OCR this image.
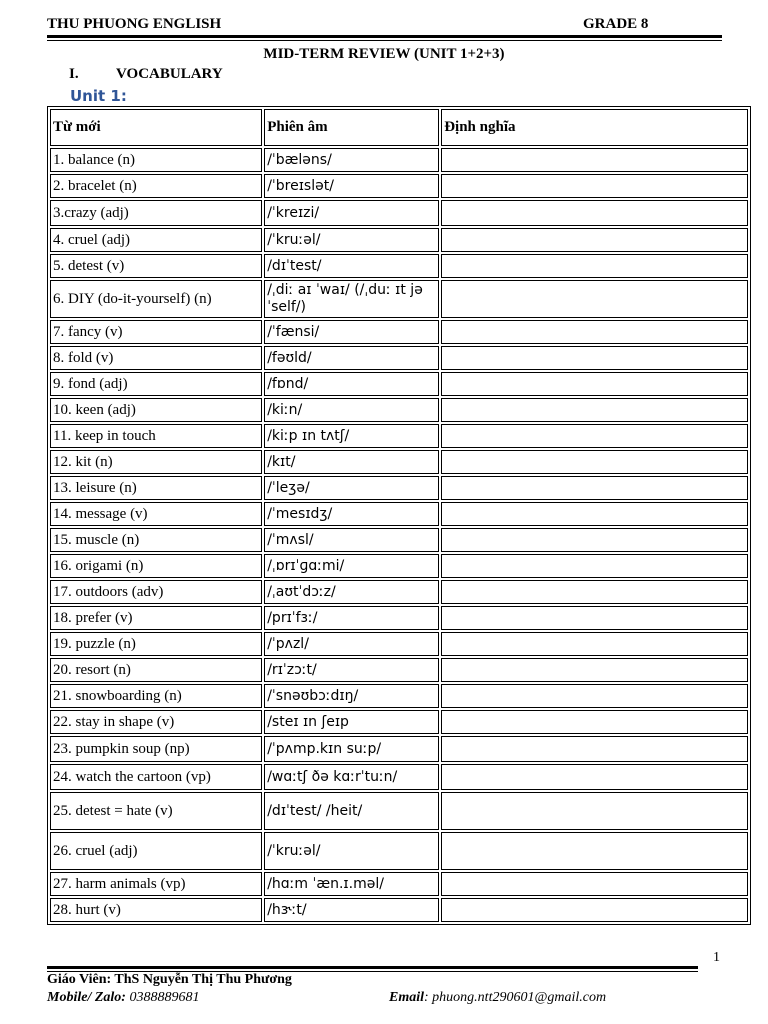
THU PHUONG ENGLISH	GRADE 8
MID-TERM REVIEW (UNIT 1+2+3)
I. VOCABULARY
Unit 1:
Từ mới	Phiên âm	Định nghĩa
1. balance (n)	/ˈbæləns/	
2. bracelet (n)	/ˈbreɪslət/	
3.crazy (adj)	/ˈkreɪzi/	
4. cruel (adj)	/ˈkruːəl/	
5. detest (v)	/dɪˈtest/	
6. DIY (do-it-yourself) (n)	/ˌdiː aɪ ˈwaɪ/ (/ˌduː ɪt jə ˈself/)	
7. fancy (v)	/ˈfænsi/	
8. fold (v)	/fəʊld/	
9. fond (adj)	/fɒnd/	
10. keen (adj)	/kiːn/	
11. keep in touch	/kiːp ɪn tʌtʃ/	
12. kit (n)	/kɪt/	
13. leisure (n)	/ˈleʒə/	
14. message (v)	/ˈmesɪdʒ/	
15. muscle (n)	/ˈmʌsl/	
16. origami (n)	/ˌɒrɪˈɡɑːmi/	
17. outdoors (adv)	/ˌaʊtˈdɔːz/	
18. prefer (v)	/prɪˈfɜː/	
19. puzzle (n)	/ˈpʌzl/	
20. resort (n)	/rɪˈzɔːt/	
21. snowboarding (n)	/ˈsnəʊbɔːdɪŋ/	
22. stay in shape (v)	/steɪ ɪn ʃeɪp	
23. pumpkin soup (np)	/ˈpʌmp.kɪn suːp/	
24. watch the cartoon (vp)	/wɑːtʃ ðə kɑːrˈtuːn/	
25. detest = hate (v)	/dɪˈtest/ /heit/	
26. cruel (adj)	/ˈkruːəl/	
27. harm animals (vp)	/hɑːm ˈæn.ɪ.məl/	
28. hurt (v)	/hɝːt/	
1
Giáo Viên: ThS Nguyễn Thị Thu Phương
Mobile/ Zalo: 0388889681	Email: phuong.ntt290601@gmail.com
